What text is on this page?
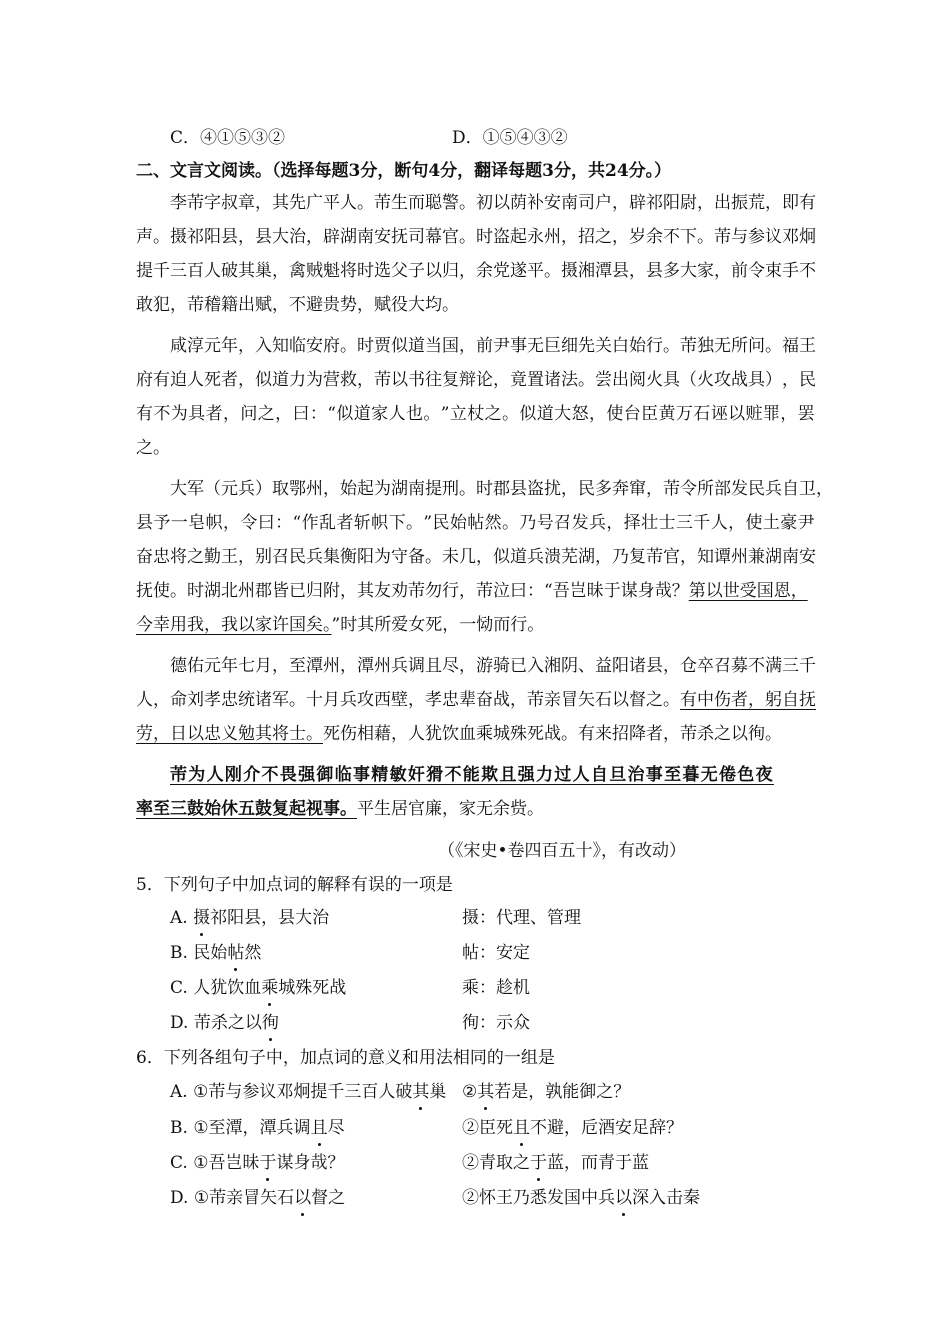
C．④①⑤③②	D．①⑤④③②
二、文言文阅读。（选择每题3分，断句4分，翻译每题3分，共24分。）
李 芾 字 叔 章 ， 其 先 广 平 人 。 芾 生 而 聪 警 。 初 以 荫 补 安 南 司 户 ， 辟 祁 阳 尉 ， 出 振 荒 ， 即 有
声 。 摄 祁 阳 县 ， 县 大 治 ， 辟 湖 南 安 抚 司 幕 官 。 时 盗 起 永 州 ， 招 之 ， 岁 余 不 下 。 芾 与 参 议 邓 炯
提 千 三 百 人 破 其 巢 ， 禽 贼 魁 将 时 选 父 子 以 归 ， 余 党 遂 平 。 摄 湘 潭 县 ， 县 多 大 家 ， 前 令 束 手 不
敢犯，芾稽籍出赋，不避贵势，赋役大均。
咸 淳 元 年 ， 入 知 临 安 府 。 时 贾 似 道 当 国 ， 前 尹 事 无 巨 细 先 关 白 始 行 。 芾 独 无 所 问 。 福 王
府 有 迫 人 死 者 ， 似 道 力 为 营 救 ， 芾 以 书 往 复 辩 论 ， 竟 置 诸 法 。 尝 出 阅 火 具 （ 火 攻 战 具 ） ， 民
有 不 为 具 者 ， 问 之 ， 曰 ： “ 似 道 家 人 也 。 ” 立 杖 之 。 似 道 大 怒 ， 使 台 臣 黄 万 石 诬 以 赃 罪 ， 罢
之。
大 军 （ 元 兵 ） 取 鄂 州 ， 始 起 为 湖 南 提 刑 。 时 郡 县 盗 扰 ， 民 多 奔 窜 ， 芾 令 所 部 发 民 兵 自 卫 ，
县 予 一 皂 帜 ， 令 曰 ： “ 作 乱 者 斩 帜 下 。 ” 民 始 帖 然 。 乃 号 召 发 兵 ， 择 壮 士 三 千 人 ， 使 土 豪 尹
奋 忠 将 之 勤 王 ， 别 召 民 兵 集 衡 阳 为 守 备 。 未 几 ， 似 道 兵 溃 芜 湖 ， 乃 复 芾 官 ， 知 谭 州 兼 湖 南 安
抚使。时湖北州郡皆已归附，其友劝芾勿行，芾泣曰：“吾岂昧于谋身哉？第以世受国恩，
今幸用我，我以家许国矣。”时其所爱女死，一恸而行。
德 佑 元 年 七 月 ， 至 潭 州 ， 潭 州 兵 调 且 尽 ， 游 骑 已 入 湘 阴 、 益 阳 诸 县 ， 仓 卒 召 募 不 满 三 千
人，命刘孝忠统诸军。十月兵攻西壁，孝忠辈奋战，芾亲冒矢石以督之。有中伤者，躬自抚
劳，日以忠义勉其将士。死伤相藉，人犹饮血乘城殊死战。有来招降者，芾杀之以徇。
芾为人刚介不畏强御临事精敏奸猾不能欺且强力过人自旦治事至暮无倦色夜
率至三鼓始休五鼓复起视事。平生居官廉，家无余赀。
（《宋史•卷四百五十》，有改动）
5．下列句子中加点词的解释有误的一项是
A. 摄祁阳县，县大治	摄：代理、管理
B. 民始帖然	帖：安定
C. 人犹饮血乘城殊死战	乘：趁机
D. 芾杀之以徇	徇：示众
6．下列各组句子中，加点词的意义和用法相同的一组是
A. ①芾与参议邓炯提千三百人破其巢 ②其若是，孰能御之？
B. ①至潭，潭兵调且尽	②臣死且不避，卮酒安足辞？
C. ①吾岂昧于谋身哉？	②青取之于蓝，而青于蓝
D. ①芾亲冒矢石以督之	②怀王乃悉发国中兵以深入击秦
